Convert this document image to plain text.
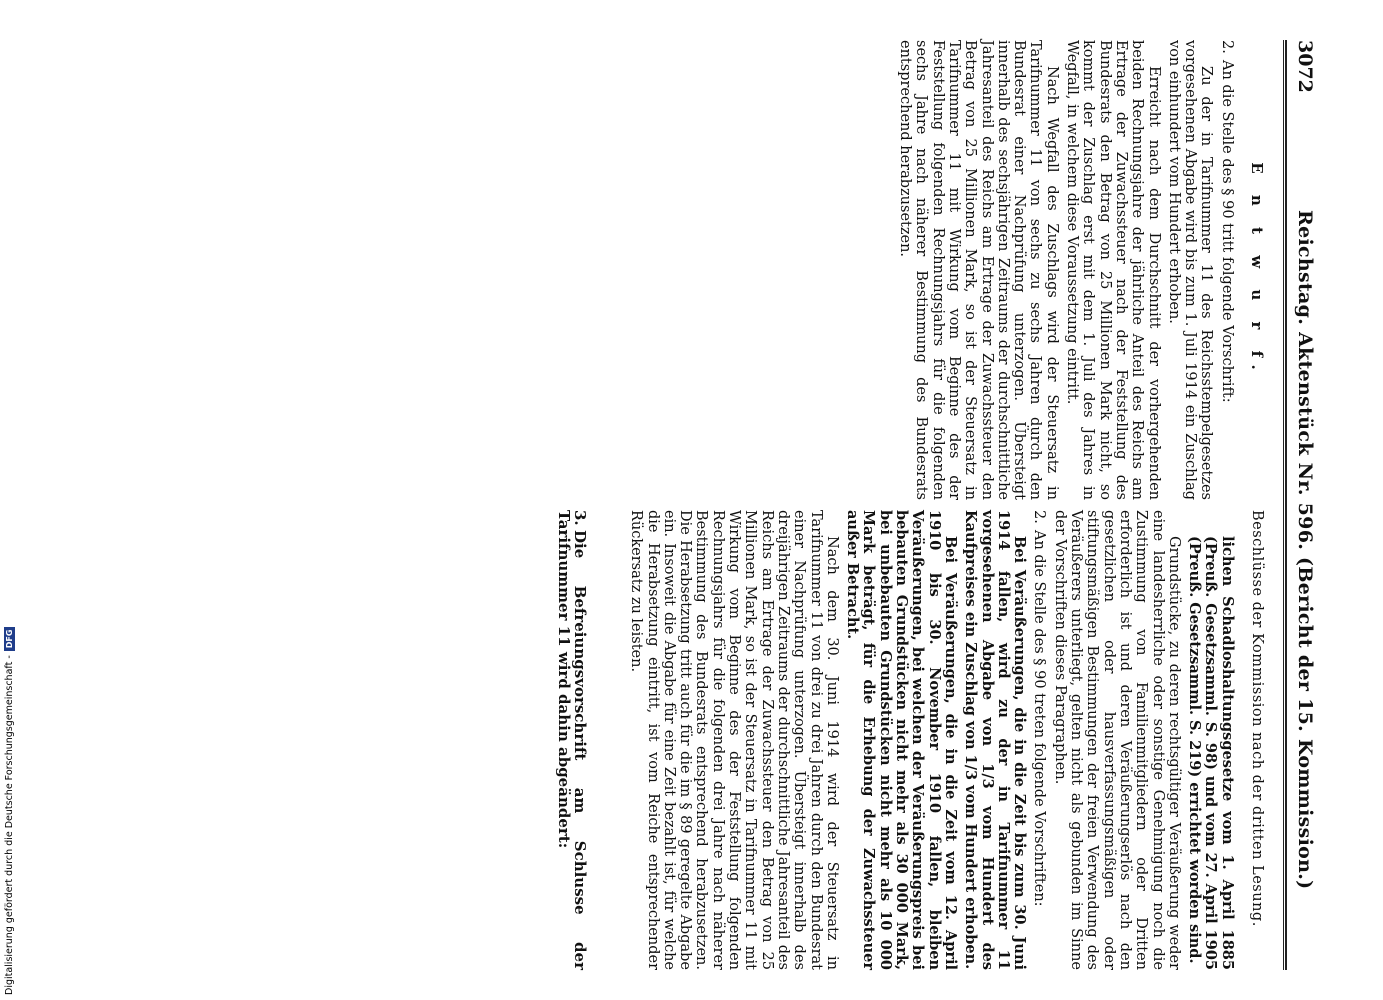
3072
Reichstag. Aktenstück Nr. 596. (Bericht der 15. Kommission.)
E n t w u r f.

2.An die Stelle des § 90 tritt folgende Vorschrift:

Zu der in Tarifnummer 11 des Reichsstempelgesetzes vorgesehenen Abgabe wird bis zum 1. Juli 1914 ein Zuschlag von einhundert vom Hundert erhoben.

Erreicht nach dem Durchschnitt der vorhergehenden beiden Rechnungsjahre der jährliche Anteil des Reichs am Ertrage der Zuwachssteuer nach der Feststellung des Bundesrats den Betrag von 25 Millionen Mark nicht, so kommt der Zuschlag erst mit dem 1. Juli des Jahres in Wegfall, in welchem diese Voraussetzung eintritt.

Nach Wegfall des Zuschlags wird der Steuersatz in Tarifnummer 11 von sechs zu sechs Jahren durch den Bundesrat einer Nachprüfung unterzogen. Übersteigt innerhalb des sechsjährigen Zeitraums der durchschnittliche Jahresanteil des Reichs am Ertrage der Zuwachssteuer den Betrag von 25 Millionen Mark, so ist der Steuersatz in Tarifnummer 11 mit Wirkung vom Beginne des der Feststellung folgenden Rechnungsjahrs für die folgenden sechs Jahre nach näherer Bestimmung des Bundesrats entsprechend herabzusetzen.

Beschlüsse der Kommission nach der dritten Lesung.

lichen Schadloshaltungsgesetze vom 1. April 1885 (Preuß. Gesetzsamml. S. 98) und vom 27. April 1905 (Preuß. Gesetzsamml. S. 219) errichtet worden sind.

Grundstücke, zu deren rechtsgültiger Veräußerung weder eine landesherrliche oder sonstige Genehmigung noch die Zustimmung von Familienmitgliedern oder Dritten erforderlich ist und deren Veräußerungserlös nach den gesetzlichen oder hausverfassungsmäßigen oder stiftungsmäßigen Bestimmungen der freien Verwendung des Veräußerers unterliegt, gelten nicht als gebunden im Sinne der Vorschriften dieses Paragraphen.

2.An die Stelle des § 90 treten folgende Vorschriften:

Bei Veräußerungen, die in die Zeit bis zum 30. Juni 1914 fallen, wird zu der in Tarifnummer 11 vorgesehenen Abgabe von 1/3 vom Hundert des Kaufpreises ein Zuschlag von 1/3 vom Hundert erhoben.

Bei Veräußerungen, die in die Zeit vom 12. April 1910 bis 30. November 1910 fallen, bleiben Veräußerungen, bei welchen der Veräußerungspreis bei bebauten Grundstücken nicht mehr als 30 000 Mark, bei unbebauten Grundstücken nicht mehr als 10 000 Mark beträgt, für die Erhebung der Zuwachssteuer außer Betracht.

Nach dem 30. Juni 1914 wird der Steuersatz in Tarifnummer 11 von drei zu drei Jahren durch den Bundesrat einer Nachprüfung unterzogen. Übersteigt innerhalb des dreijährigen Zeitraums der durchschnittliche Jahresanteil des Reichs am Ertrage der Zuwachssteuer den Betrag von 25 Millionen Mark, so ist der Steuersatz in Tarifnummer 11 mit Wirkung vom Beginne des der Feststellung folgenden Rechnungsjahrs für die folgenden drei Jahre nach näherer Bestimmung des Bundesrats entsprechend herabzusetzen. Die Herabsetzung tritt auch für die im § 89 geregelte Abgabe ein. Insoweit die Abgabe für eine Zeit bezahlt ist, für welche die Herabsetzung eintritt, ist vom Reiche entsprechender Rückersatz zu leisten.

3.Die Befreiungsvorschrift am Schlusse der Tarifnummer 11 wird dahin abgeändert:

Digitalisierung gefördert durch die Deutsche Forschungsgemeinschaft -
DFG
